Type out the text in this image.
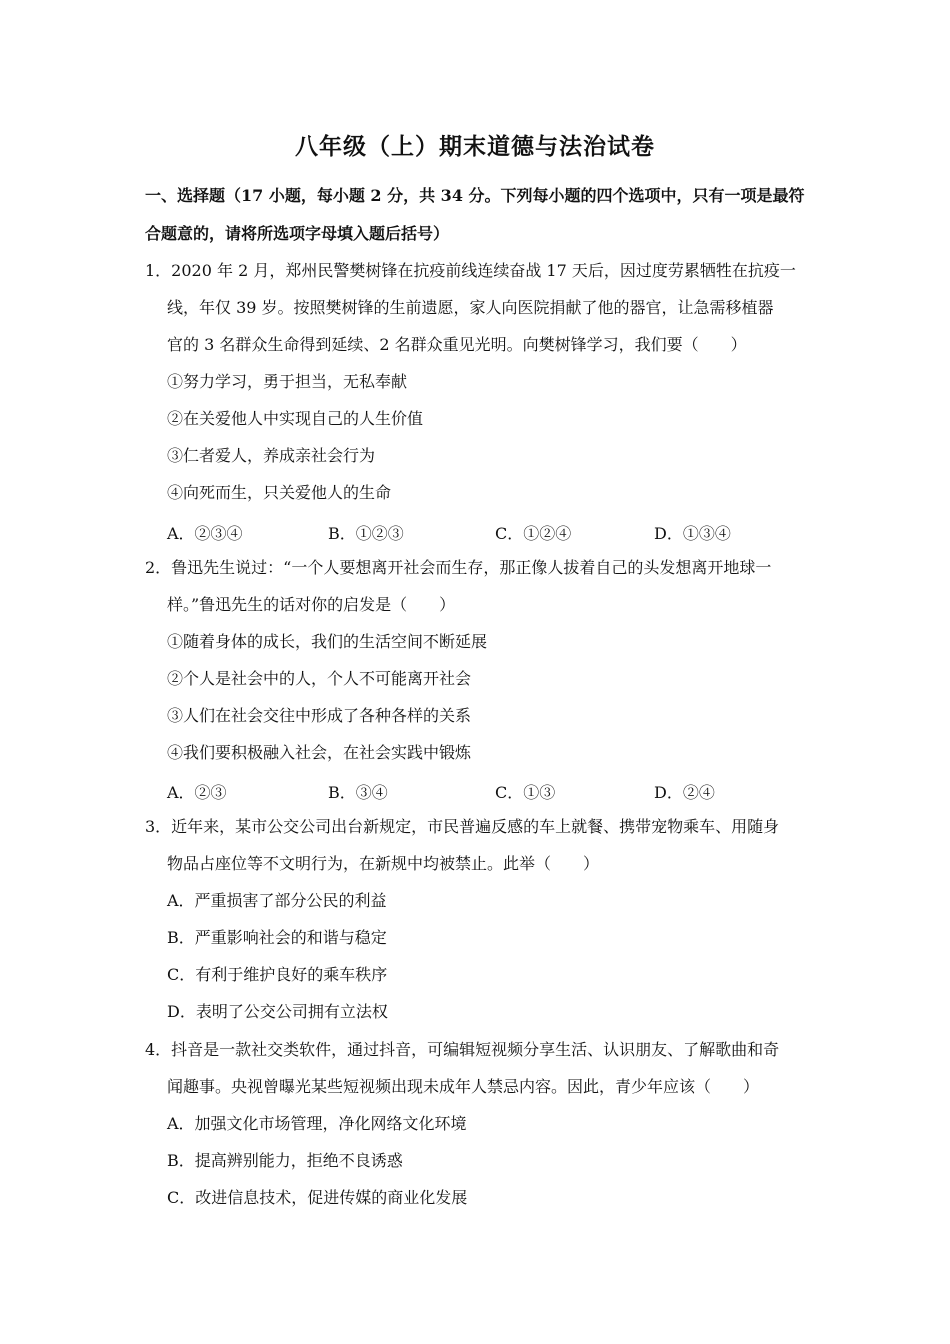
八年级（上）期末道德与法治试卷
一、选择题（17 小题，每小题 2 分，共 34 分。下列每小题的四个选项中，只有一项是最符
合题意的，请将所选项字母填入题后括号）
1．2020 年 2 月，郑州民警樊树锋在抗疫前线连续奋战 17 天后，因过度劳累牺牲在抗疫一
线，年仅 39 岁。按照樊树锋的生前遗愿，家人向医院捐献了他的器官，让急需移植器
官的 3 名群众生命得到延续、2 名群众重见光明。向樊树锋学习，我们要（　　）
①努力学习，勇于担当，无私奉献
②在关爱他人中实现自己的人生价值
③仁者爱人，养成亲社会行为
④向死而生，只关爱他人的生命
A．②③④	B．①②③	C．①②④	D．①③④
2．鲁迅先生说过：“一个人要想离开社会而生存，那正像人拔着自己的头发想离开地球一
样。”鲁迅先生的话对你的启发是（　　）
①随着身体的成长，我们的生活空间不断延展
②个人是社会中的人，个人不可能离开社会
③人们在社会交往中形成了各种各样的关系
④我们要积极融入社会，在社会实践中锻炼
A．②③	B．③④	C．①③	D．②④
3．近年来，某市公交公司出台新规定，市民普遍反感的车上就餐、携带宠物乘车、用随身
物品占座位等不文明行为，在新规中均被禁止。此举（　　）
A．严重损害了部分公民的利益
B．严重影响社会的和谐与稳定
C．有利于维护良好的乘车秩序
D．表明了公交公司拥有立法权
4．抖音是一款社交类软件，通过抖音，可编辑短视频分享生活、认识朋友、了解歌曲和奇
闻趣事。央视曾曝光某些短视频出现未成年人禁忌内容。因此，青少年应该（　　）
A．加强文化市场管理，净化网络文化环境
B．提高辨别能力，拒绝不良诱惑
C．改进信息技术，促进传媒的商业化发展
